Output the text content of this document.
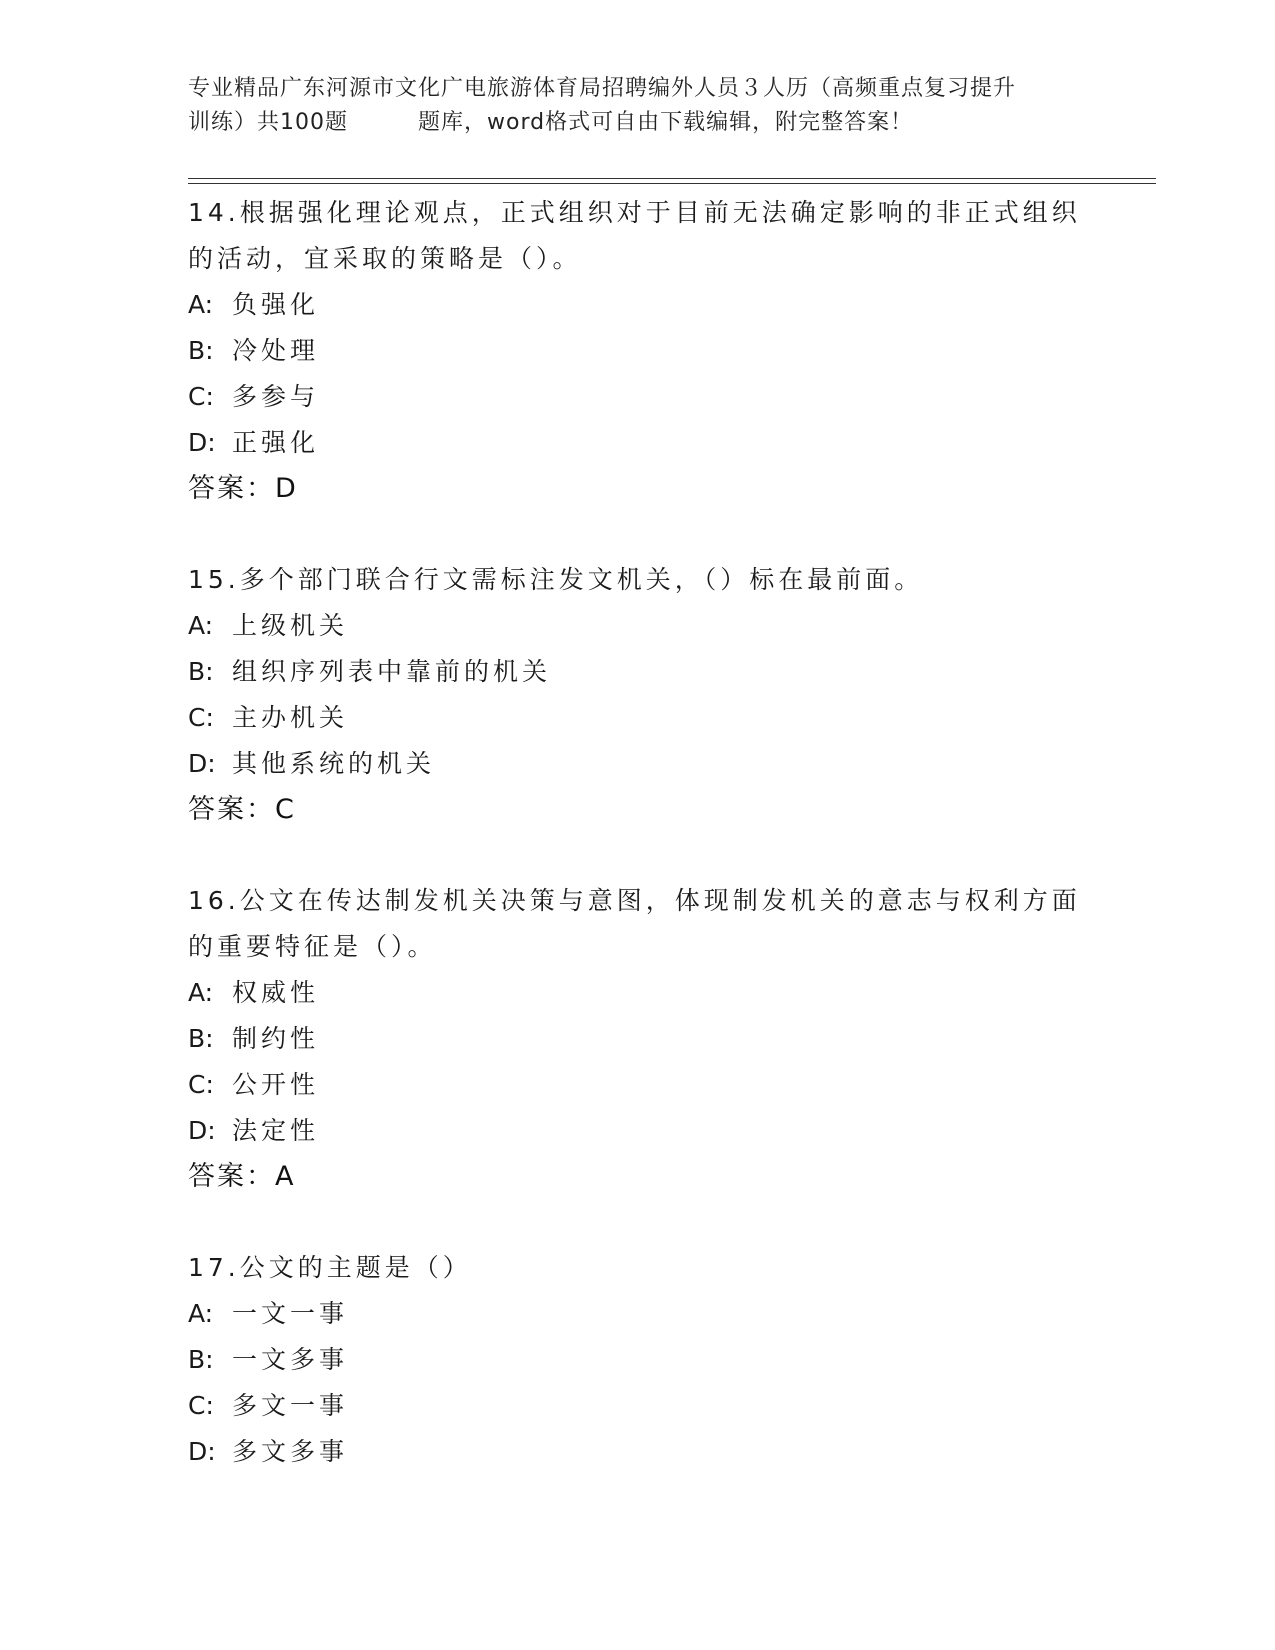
专业精品广东河源市文化广电旅游体育局招聘编外人员３人历（高频重点复习提升
训练）共100题	题库，word格式可自由下载编辑，附完整答案！
14.根据强化理论观点，正式组织对于目前无法确定影响的非正式组织的活动，宜采取的策略是（）。
A: 负强化
B: 冷处理
C: 多参与
D: 正强化
答案：D
15.多个部门联合行文需标注发文机关，（）标在最前面。
A: 上级机关
B: 组织序列表中靠前的机关
C: 主办机关
D: 其他系统的机关
答案：C
16.公文在传达制发机关决策与意图，体现制发机关的意志与权利方面的重要特征是（）。
A: 权威性
B: 制约性
C: 公开性
D: 法定性
答案：A
17.公文的主题是（）
A: 一文一事
B: 一文多事
C: 多文一事
D: 多文多事
